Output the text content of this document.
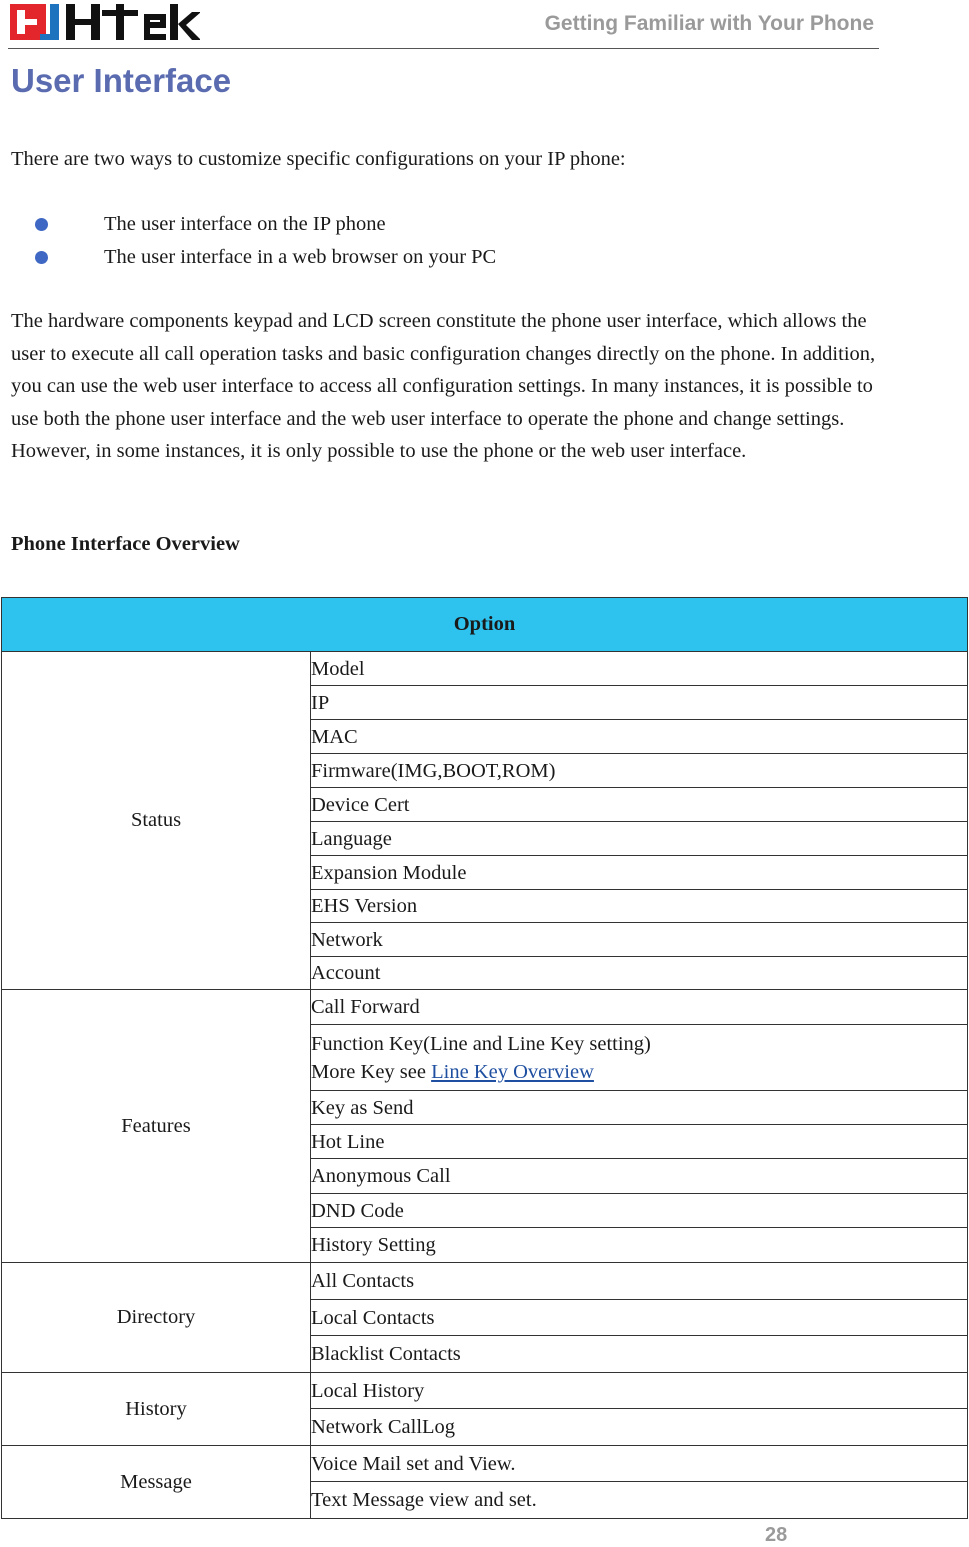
Getting Familiar with Your Phone
User Interface

There are two ways to customize specific configurations on your IP phone:

The user interface on the IP phone
The user interface in a web browser on your PC

The hardware components keypad and LCD screen constitute the phone user interface, which allows the user to execute all call operation tasks and basic configuration changes directly on the phone. In addition, you can use the web user interface to access all configuration settings. In many instances, it is possible to use both the phone user interface and the web user interface to operate the phone and change settings. However, in some instances, it is only possible to use the phone or the web user interface.

Phone Interface Overview
Option	
Status	Model
	IP
	MAC
	Firmware(IMG,BOOT,ROM)
	Device Cert
	Language
	Expansion Module
	EHS Version
	Network
	Account
Features	Call Forward

	Function Key(Line and Line Key setting)
More Key see Line Key Overview

	Key as Send
	Hot Line
	Anonymous Call
	DND Code
	History Setting
Directory	All Contacts
	Local Contacts
	Blacklist Contacts
History	Local History
	Network CallLog
Message	Voice Mail set and View.
	Text Message view and set.
28
